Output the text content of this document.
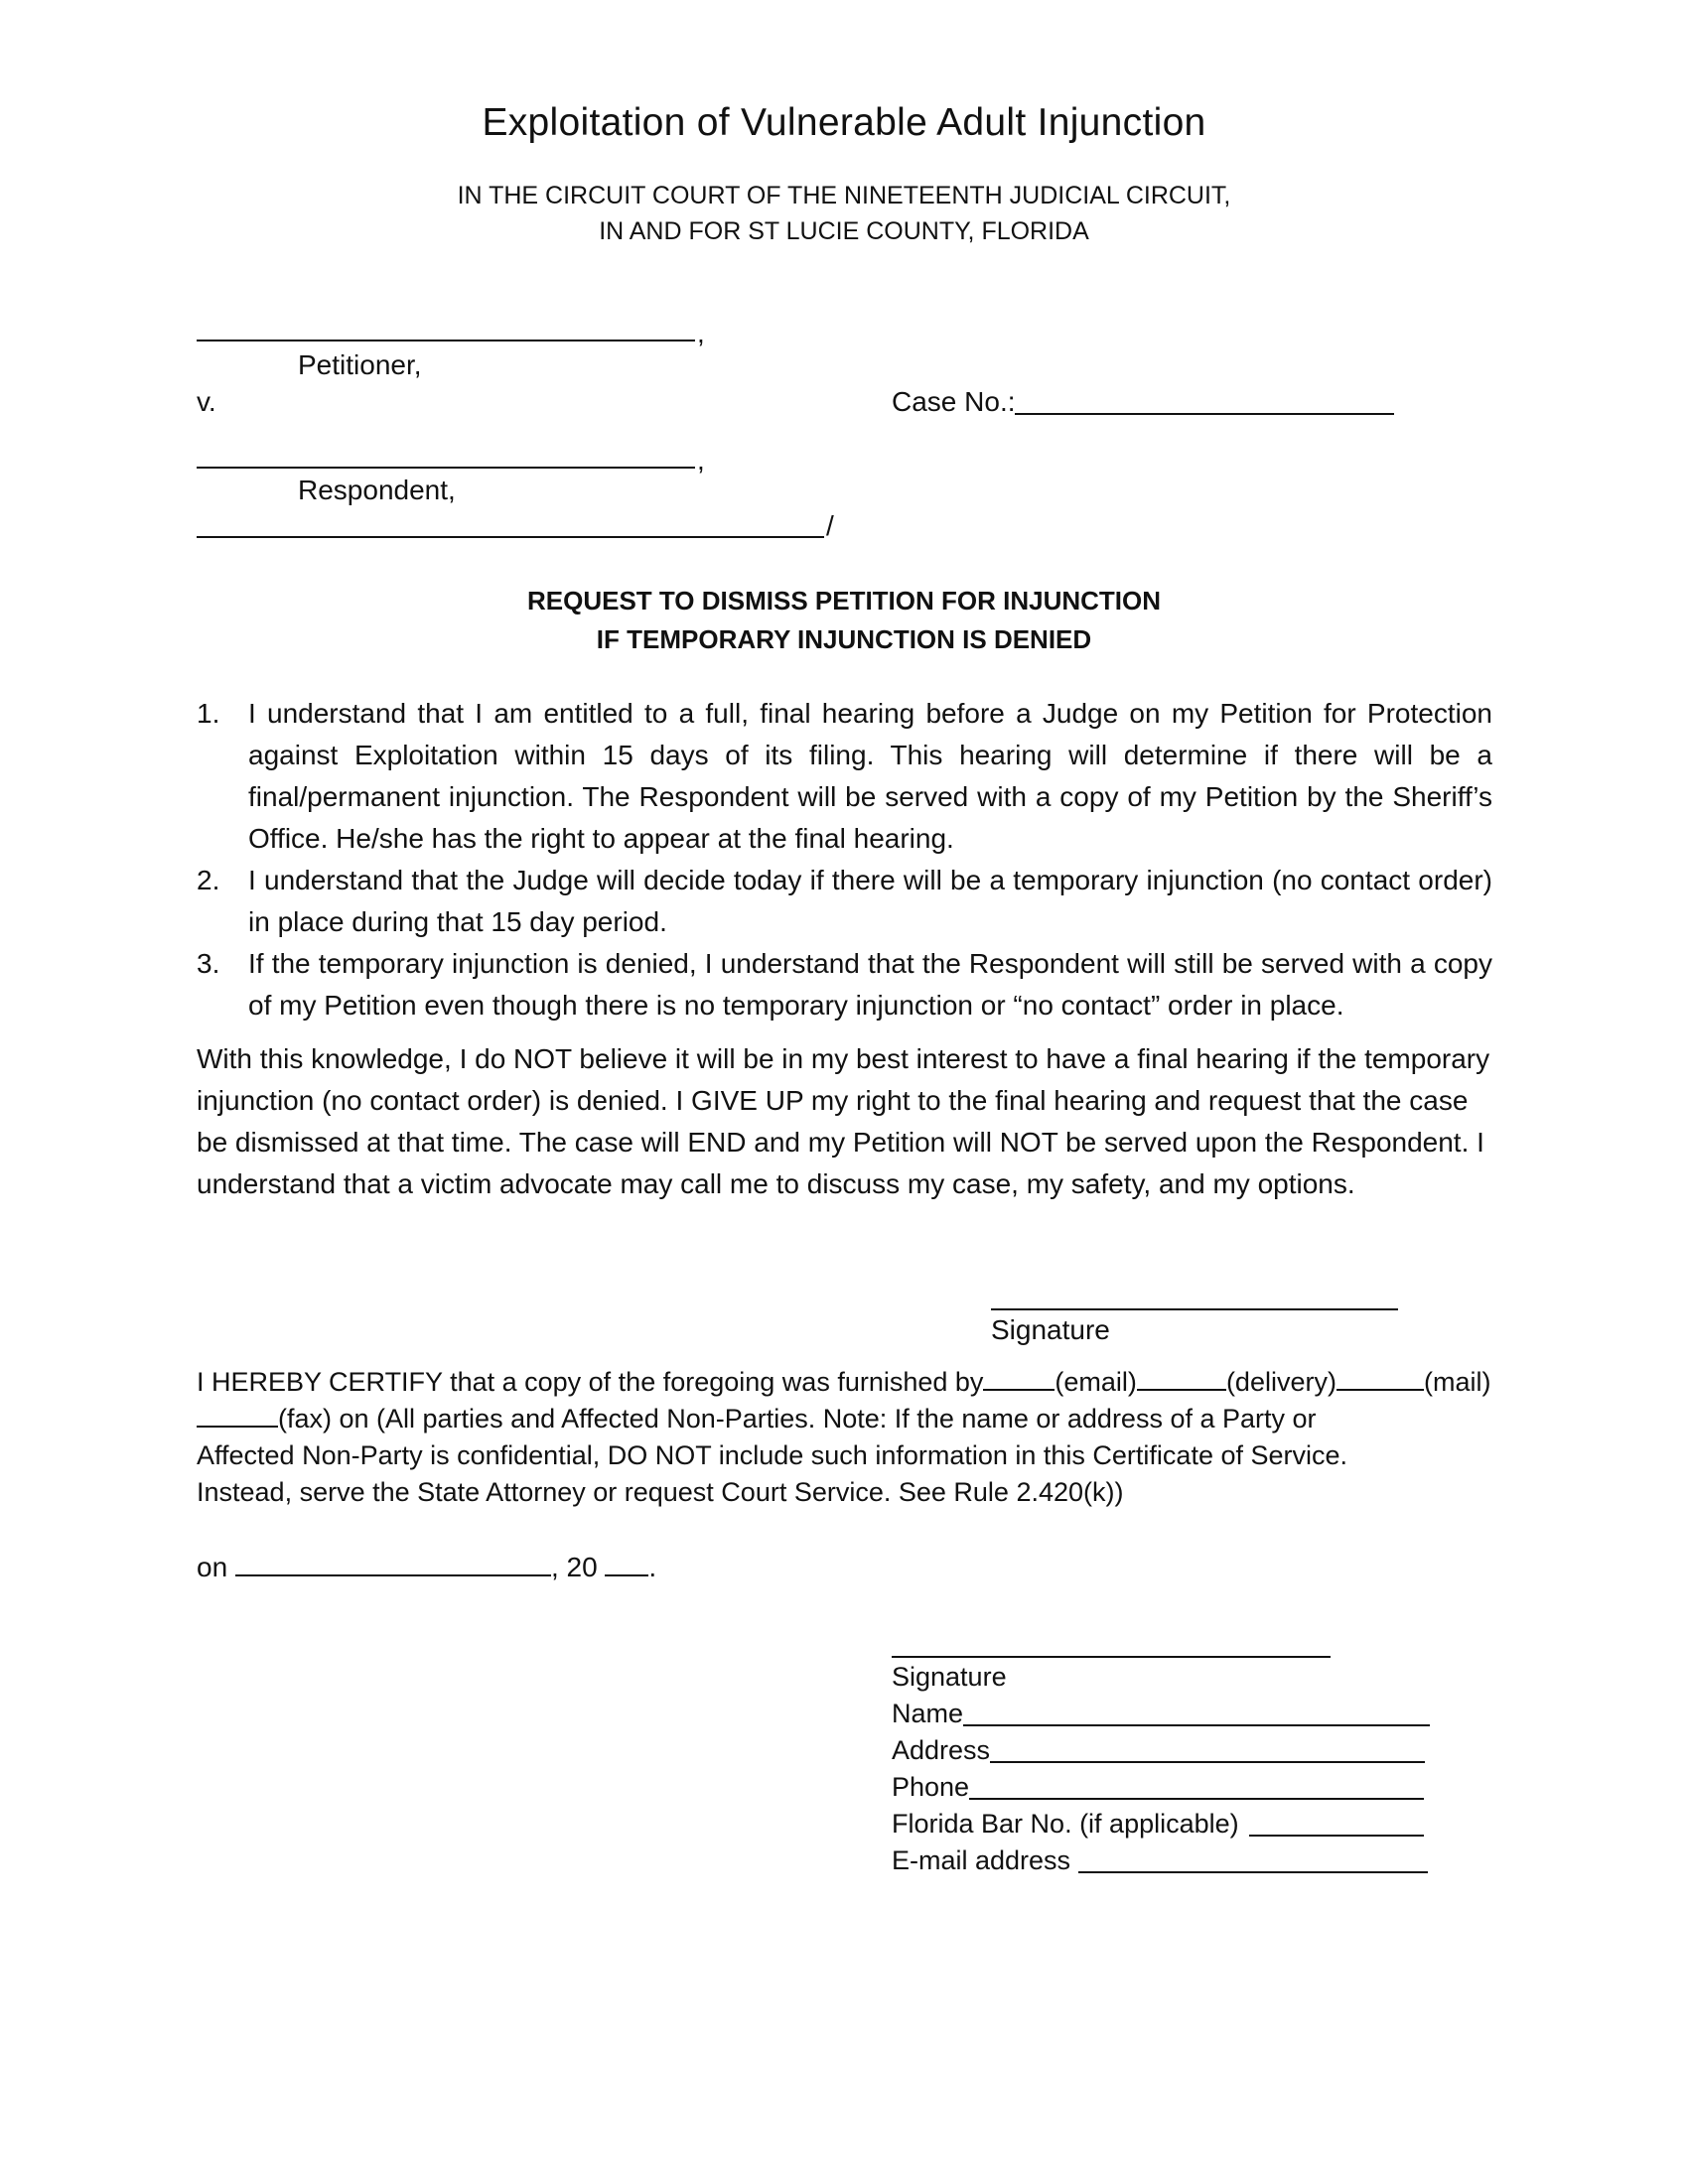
Exploitation of Vulnerable Adult Injunction
IN THE CIRCUIT COURT OF THE NINETEENTH JUDICIAL CIRCUIT,
IN AND FOR ST LUCIE COUNTY, FLORIDA
,
Petitioner,
v.	Case No.:
,
Respondent,
/
REQUEST TO DISMISS PETITION FOR INJUNCTION
IF TEMPORARY INJUNCTION IS DENIED
1. I understand that I am entitled to a full, final hearing before a Judge on my Petition for Protection against Exploitation within 15 days of its filing. This hearing will determine if there will be a final/permanent injunction. The Respondent will be served with a copy of my Petition by the Sheriff’s Office. He/she has the right to appear at the final hearing.
2. I understand that the Judge will decide today if there will be a temporary injunction (no contact order) in place during that 15 day period.
3. If the temporary injunction is denied, I understand that the Respondent will still be served with a copy of my Petition even though there is no temporary injunction or “no contact” order in place.
With this knowledge, I do NOT believe it will be in my best interest to have a final hearing if the temporary injunction (no contact order) is denied. I GIVE UP my right to the final hearing and request that the case be dismissed at that time. The case will END and my Petition will NOT be served upon the Respondent. I understand that a victim advocate may call me to discuss my case, my safety, and my options.
Signature
I HEREBY CERTIFY that a copy of the foregoing was furnished by	(email)	(delivery)	(mail)
(fax) on (All parties and Affected Non-Parties. Note: If the name or address of a Party or
Affected Non-Party is confidential, DO NOT include such information in this Certificate of Service.
Instead, serve the State Attorney or request Court Service. See Rule 2.420(k))
on	, 20 .
Signature
Name
Address
Phone
Florida Bar No. (if applicable)
E-mail address
